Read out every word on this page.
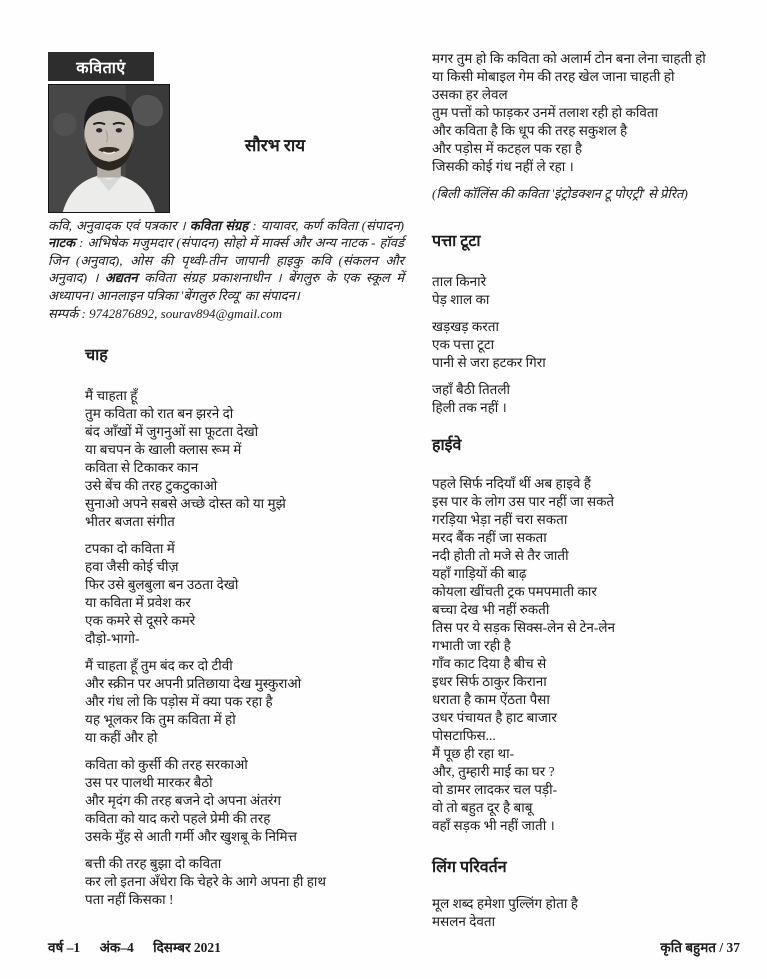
कविताएं
सौरभ राय
कवि, अनुवादक एवं पत्रकार । कविता संग्रह : यायावर, कर्ण कविता (संपादन) नाटक : अभिषेक मजुमदार (संपादन) सोहो में मार्क्स और अन्य नाटक - हॉवर्ड जिन (अनुवाद), ओस की पृथ्वी-तीन जापानी हाइकु कवि (संकलन और अनुवाद) । अद्यतन कविता संग्रह प्रकाशनाधीन । बेंगलुरु के एक स्कूल में अध्यापन। आनलाइन पत्रिका 'बेंगलुरु रिव्यू' का संपादन।
सम्पर्क : 9742876892, sourav894@gmail.com
चाह
मैं चाहता हूँ
तुम कविता को रात बन झरने दो
बंद आँखों में जुगनुओं सा फूटता देखो
या बचपन के खाली क्लास रूम में
कविता से टिकाकर कान
उसे बेंच की तरह टुकटुकाओ
सुनाओ अपने सबसे अच्छे दोस्त को या मुझे
भीतर बजता संगीत
टपका दो कविता में
हवा जैसी कोई चीज़
फिर उसे बुलबुला बन उठता देखो
या कविता में प्रवेश कर
एक कमरे से दूसरे कमरे
दौड़ो-भागो-
मैं चाहता हूँ तुम बंद कर दो टीवी
और स्क्रीन पर अपनी प्रतिछाया देख मुस्कुराओ
और गंध लो कि पड़ोस में क्या पक रहा है
यह भूलकर कि तुम कविता में हो
या कहीं और हो
कविता को कुर्सी की तरह सरकाओ
उस पर पालथी मारकर बैठो
और मृदंग की तरह बजने दो अपना अंतरंग
कविता को याद करो पहले प्रेमी की तरह
उसके मुँह से आती गर्मी और खुशबू के निमित्त
बत्ती की तरह बुझा दो कविता
कर लो इतना अँधेरा कि चेहरे के आगे अपना ही हाथ
पता नहीं किसका !
मगर तुम हो कि कविता को अलार्म टोन बना लेना चाहती हो
या किसी मोबाइल गेम की तरह खेल जाना चाहती हो
उसका हर लेवल
तुम पत्तों को फाड़कर उनमें तलाश रही हो कविता
और कविता है कि धूप की तरह सकुशल है
और पड़ोस में कटहल पक रहा है
जिसकी कोई गंध नहीं ले रहा ।
(बिली कॉलिंस की कविता 'इंट्रोडक्शन टू पोएट्री' से प्रेरित)
पत्ता टूटा
ताल किनारे
पेड़ शाल का
खड़खड़ करता
एक पत्ता टूटा
पानी से जरा हटकर गिरा
जहाँ बैठी तितली
हिली तक नहीं ।
हाईवे
पहले सिर्फ नदियाँ थीं अब हाइवे हैं
इस पार के लोग उस पार नहीं जा सकते
गरड़िया भेड़ा नहीं चरा सकता
मरद बैंक नहीं जा सकता
नदी होती तो मजे से तैर जाती
यहाँ गाड़ियों की बाढ़
कोयला खींचती ट्रक पमपमाती कार
बच्चा देख भी नहीं रुकती
तिस पर ये सड़क सिक्स-लेन से टेन-लेन
गभाती जा रही है
गाँव काट दिया है बीच से
इधर सिर्फ ठाकुर किराना
धराता है काम ऐंठता पैसा
उधर पंचायत है हाट बाजार
पोसटाफिस...
मैं पूछ ही रहा था-
और, तुम्हारी माई का घर ?
वो डामर लादकर चल पड़ी-
वो तो बहुत दूर है बाबू
वहाँ सड़क भी नहीं जाती ।
लिंग परिवर्तन
मूल शब्द हमेशा पुल्लिंग होता है
मसलन देवता
वर्ष –1 अंक–4 दिसम्बर 2021	कृति बहुमत / 37
